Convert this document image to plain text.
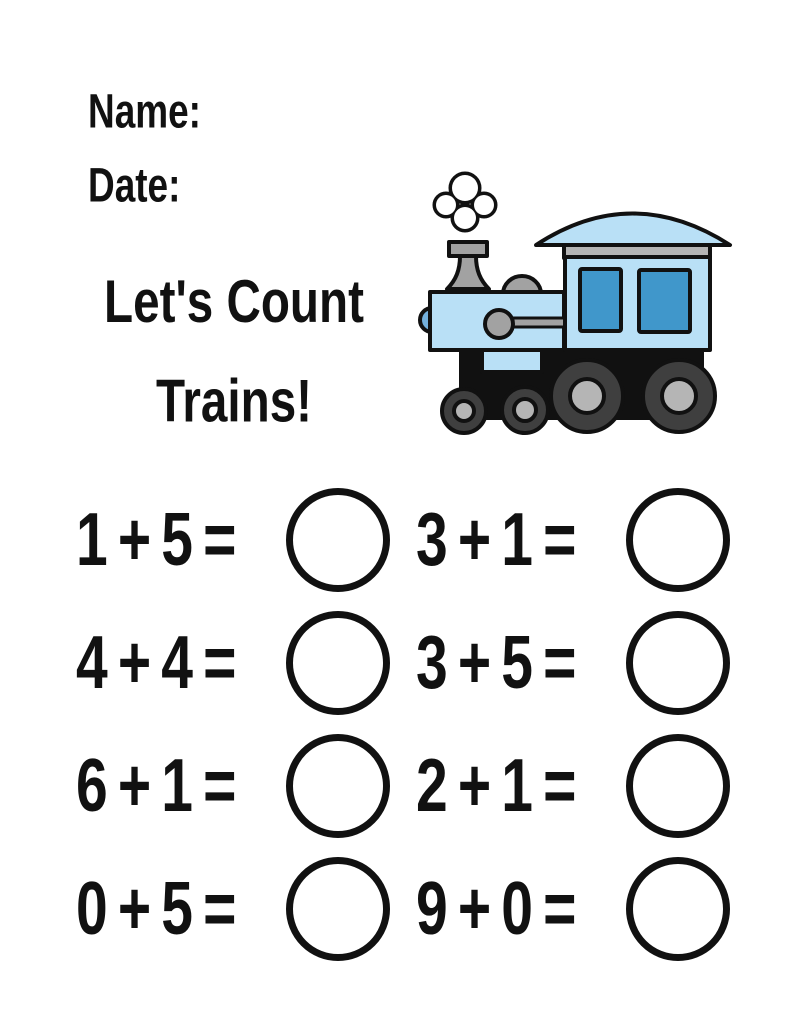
Name:
Date:
Let's Count
Trains!
1 + 5 =	3 + 1 =
4 + 4 =	3 + 5 =
6 + 1 =	2 + 1 =
0 + 5 =	9 + 0 =
